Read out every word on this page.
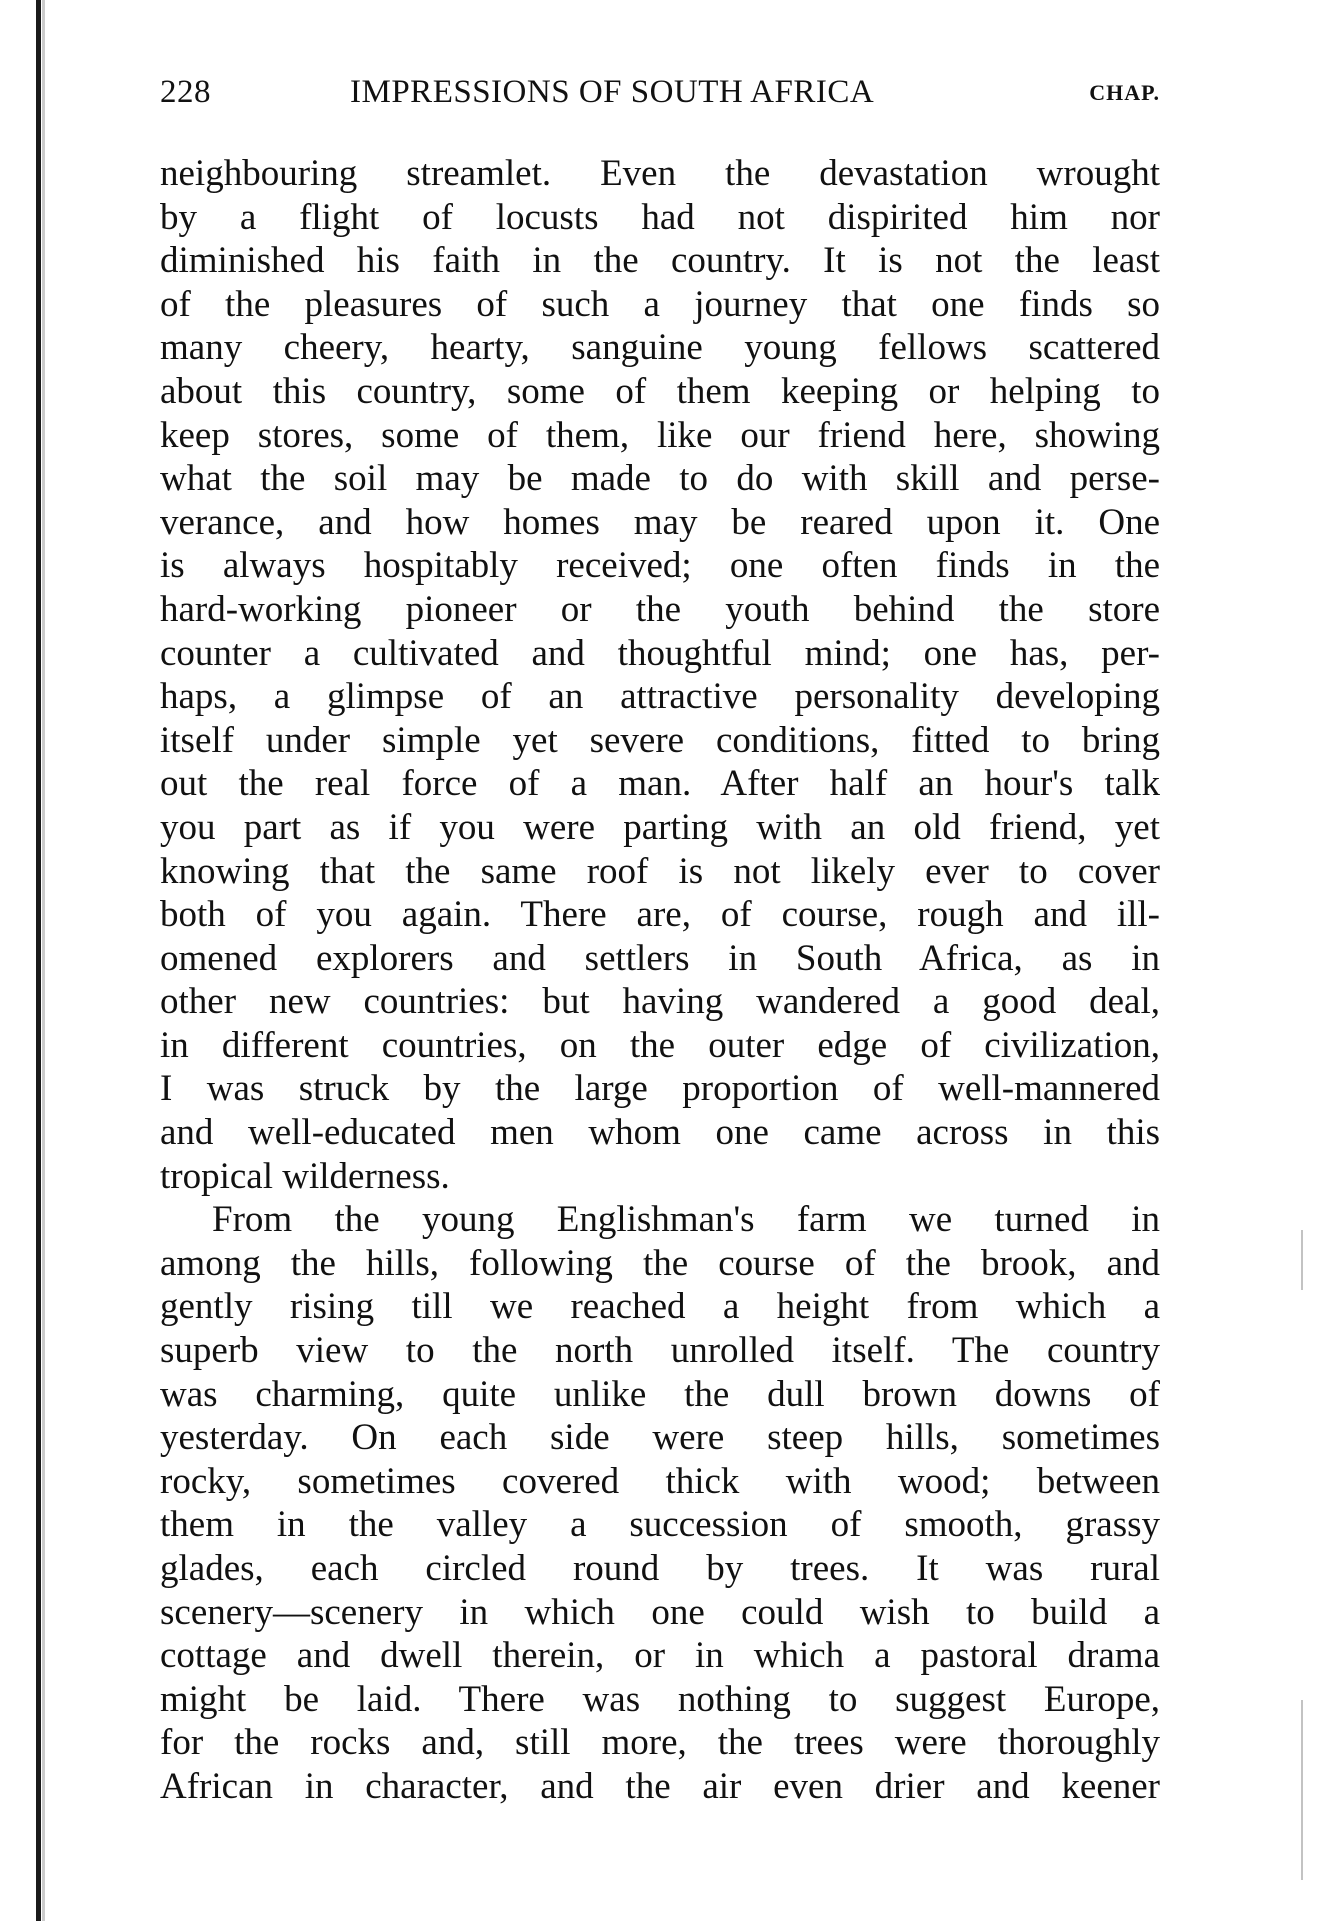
228	IMPRESSIONS OF SOUTH AFRICA	CHAP.
neighbouring streamlet. Even the devastation wrought
by a flight of locusts had not dispirited him nor
diminished his faith in the country. It is not the least
of the pleasures of such a journey that one finds so
many cheery, hearty, sanguine young fellows scattered
about this country, some of them keeping or helping to
keep stores, some of them, like our friend here, showing
what the soil may be made to do with skill and perse-
verance, and how homes may be reared upon it. One
is always hospitably received; one often finds in the
hard-working pioneer or the youth behind the store
counter a cultivated and thoughtful mind; one has, per-
haps, a glimpse of an attractive personality developing
itself under simple yet severe conditions, fitted to bring
out the real force of a man. After half an hour's talk
you part as if you were parting with an old friend, yet
knowing that the same roof is not likely ever to cover
both of you again. There are, of course, rough and ill-
omened explorers and settlers in South Africa, as in
other new countries: but having wandered a good deal,
in different countries, on the outer edge of civilization,
I was struck by the large proportion of well-mannered
and well-educated men whom one came across in this
tropical wilderness.
From the young Englishman's farm we turned in
among the hills, following the course of the brook, and
gently rising till we reached a height from which a
superb view to the north unrolled itself. The country
was charming, quite unlike the dull brown downs of
yesterday. On each side were steep hills, sometimes
rocky, sometimes covered thick with wood; between
them in the valley a succession of smooth, grassy
glades, each circled round by trees. It was rural
scenery—scenery in which one could wish to build a
cottage and dwell therein, or in which a pastoral drama
might be laid. There was nothing to suggest Europe,
for the rocks and, still more, the trees were thoroughly
African in character, and the air even drier and keener
